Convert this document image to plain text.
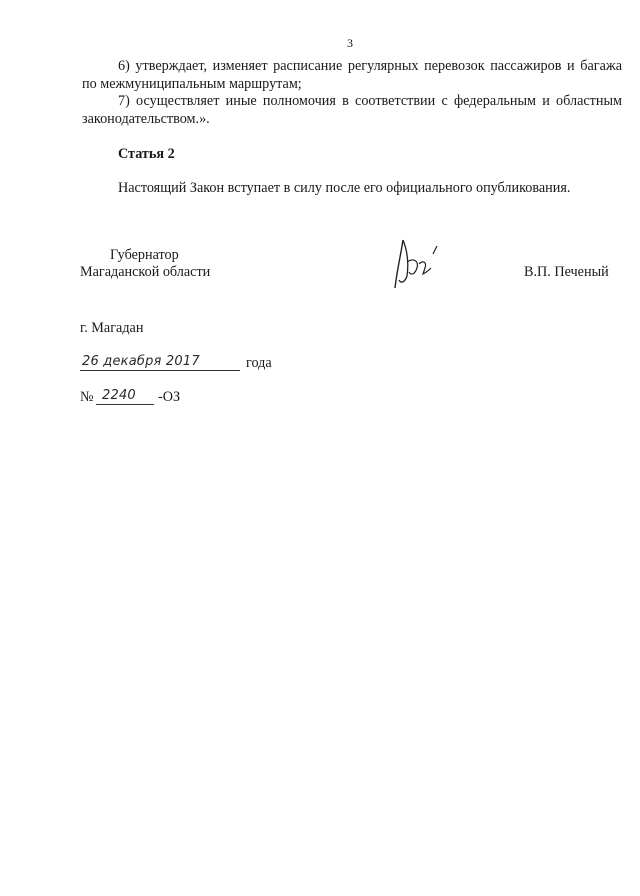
3
6) утверждает, изменяет расписание регулярных перевозок пассажиров и багажа по межмуниципальным маршрутам;
7) осуществляет иные полномочия в соответствии с федеральным и областным законодательством.».
Статья 2
Настоящий Закон вступает в силу после его официального опубликования.
Губернатор
Магаданской области	В.П. Печеный
г. Магадан
26 декабря 2017	года
№ 2240 -ОЗ
